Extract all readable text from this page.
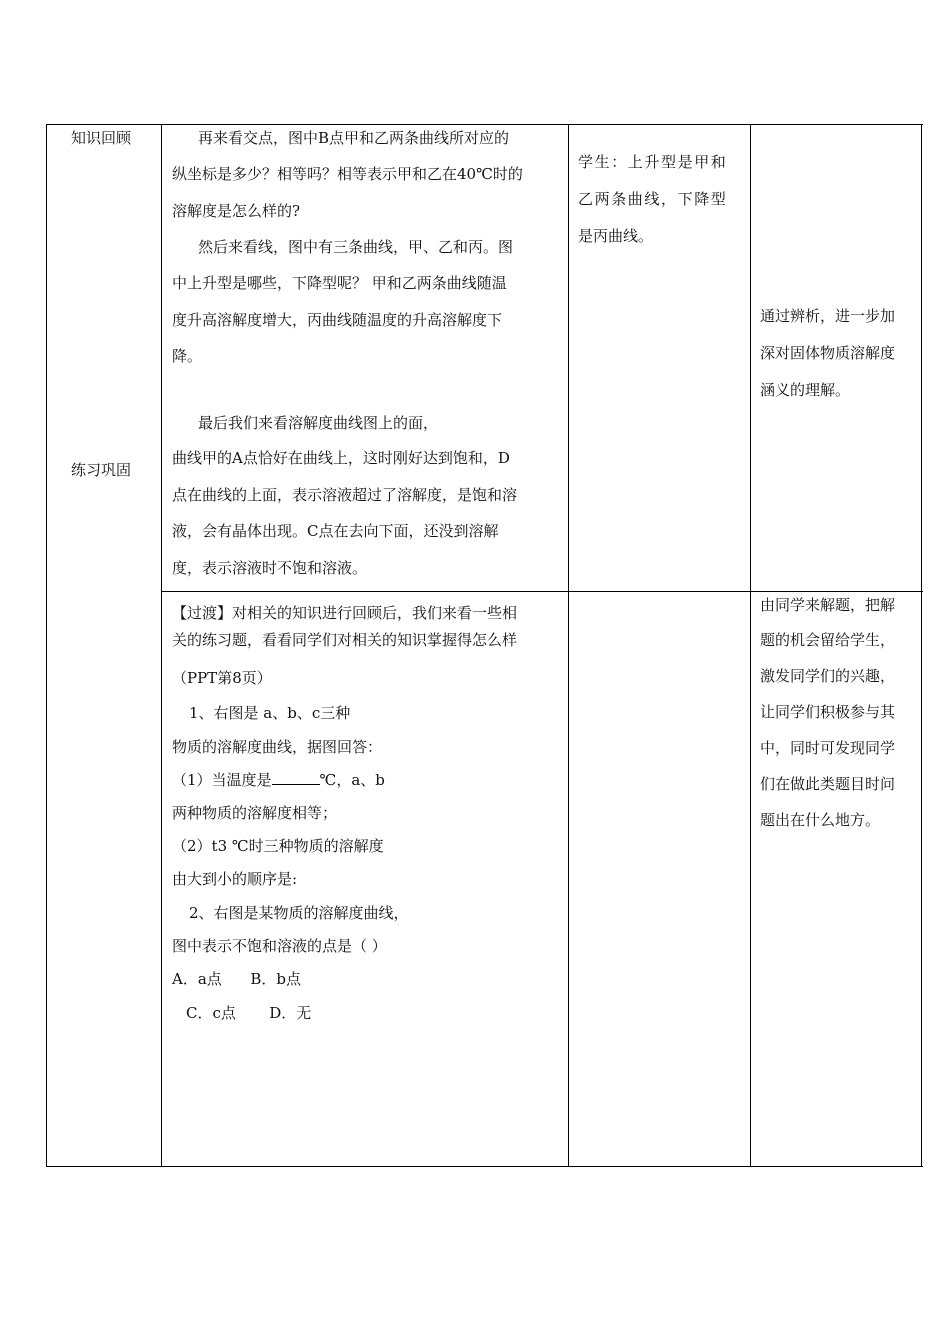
知识回顾
练习巩固
再来看交点，图中B点甲和乙两条曲线所对应的
纵坐标是多少？相等吗？相等表示甲和乙在40℃时的
溶解度是怎么样的?
然后来看线，图中有三条曲线，甲、乙和丙。图
中上升型是哪些，下降型呢？ 甲和乙两条曲线随温
度升高溶解度增大，丙曲线随温度的升高溶解度下
降。
最后我们来看溶解度曲线图上的面，
曲线甲的A点恰好在曲线上，这时刚好达到饱和，D
点在曲线的上面，表示溶液超过了溶解度，是饱和溶
液，会有晶体出现。C点在去向下面，还没到溶解
度，表示溶液时不饱和溶液。
学生：上升型是甲和
乙两条曲线，下降型
是丙曲线。
通过辨析，进一步加
深对固体物质溶解度
涵义的理解。
【过渡】对相关的知识进行回顾后，我们来看一些相
关的练习题，看看同学们对相关的知识掌握得怎么样
（PPT第8页）
1、右图是 a、b、c三种
物质的溶解度曲线，据图回答：
（1）当温度是	℃，a、b
两种物质的溶解度相等；
（2）t3 ℃时三种物质的溶解度
由大到小的顺序是:
2、右图是某物质的溶解度曲线，
图中表示不饱和溶液的点是（ ）
A．a点      B．b点
C．c点       D．无
由同学来解题，把解
题的机会留给学生，
激发同学们的兴趣，
让同学们积极参与其
中，同时可发现同学
们在做此类题目时问
题出在什么地方。
